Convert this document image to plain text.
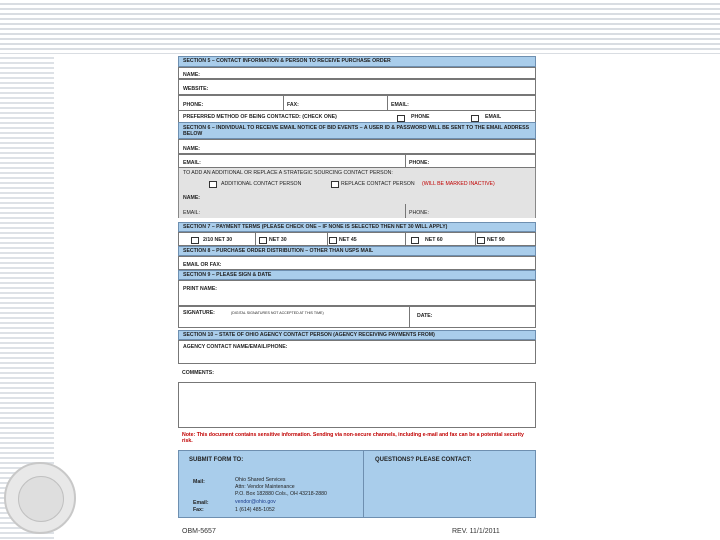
SECTION 5 – CONTACT INFORMATION & PERSON TO RECEIVE PURCHASE ORDER
NAME:
WEBSITE:
PHONE:	FAX:	EMAIL:
PREFERRED METHOD OF BEING CONTACTED: (CHECK ONE)	PHONE	EMAIL
SECTION 6 – INDIVIDUAL TO RECEIVE EMAIL NOTICE OF BID EVENTS – A USER ID & PASSWORD WILL BE SENT TO THE EMAIL ADDRESS BELOW
NAME:
EMAIL:	PHONE:
TO ADD AN ADDITIONAL OR REPLACE A STRATEGIC SOURCING CONTACT PERSON:
ADDITIONAL CONTACT PERSON	REPLACE CONTACT PERSON (WILL BE MARKED INACTIVE)
NAME:
EMAIL:	PHONE:
SECTION 7 – PAYMENT TERMS (PLEASE CHECK ONE – IF NONE IS SELECTED THEN NET 30 WILL APPLY)
2/10 NET 30	NET 30	NET 45	NET 60	NET 90
SECTION 8 – PURCHASE ORDER DISTRIBUTION – OTHER THAN USPS MAIL
EMAIL OR FAX:
SECTION 9 – PLEASE SIGN & DATE
PRINT NAME:
SIGNATURE:	(DIGITAL SIGNATURES NOT ACCEPTED AT THIS TIME)	DATE:
SECTION 10 – STATE OF OHIO AGENCY CONTACT PERSON (AGENCY RECEIVING PAYMENTS FROM)
AGENCY CONTACT NAME/EMAIL/PHONE:
COMMENTS:
Note: This document contains sensitive information. Sending via non-secure channels, including e-mail and fax can be a potential security risk.
SUBMIT FORM TO:	QUESTIONS? PLEASE CONTACT:
Mail:	Ohio Shared Services
Attn: Vendor Maintenance
P.O. Box 182880 Cols., OH 43218-2880
Email:	vendor@ohio.gov
Fax:	1 (614) 485-1052
OBM-5657	REV. 11/1/2011
